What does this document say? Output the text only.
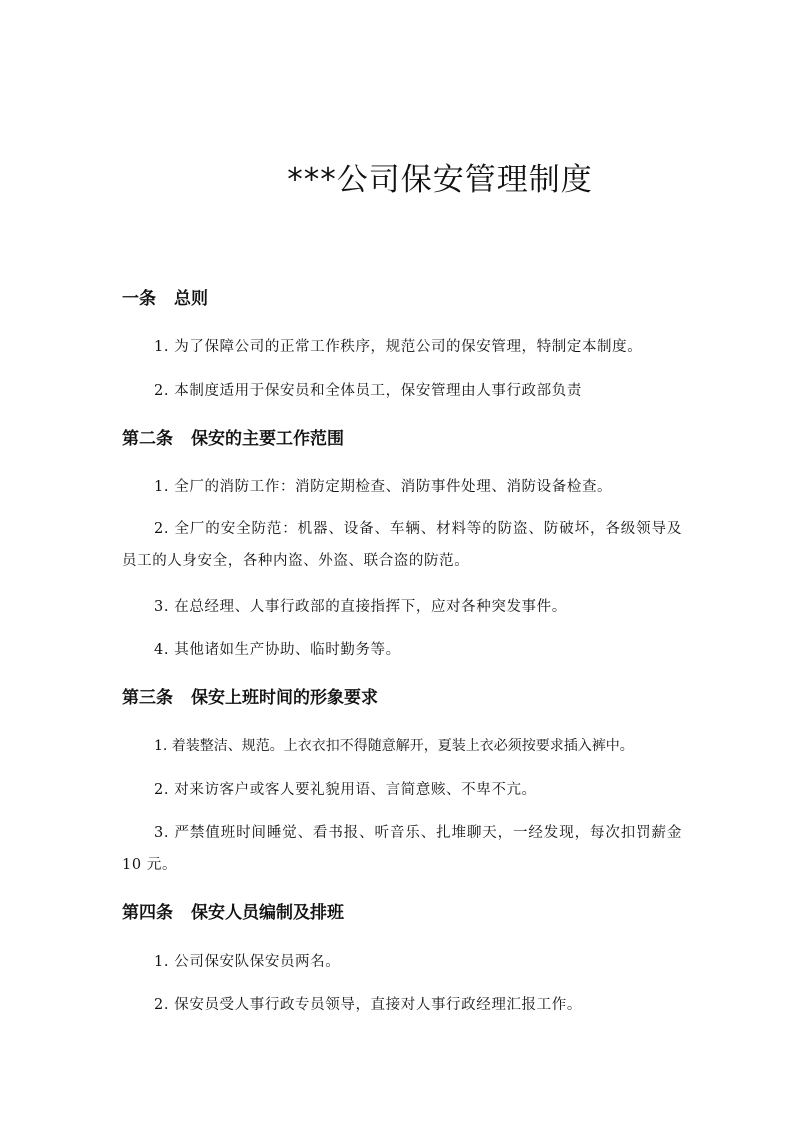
***公司保安管理制度
一条 总则
1. 为了保障公司的正常工作秩序，规范公司的保安管理，特制定本制度。
2. 本制度适用于保安员和全体员工，保安管理由人事行政部负责
第二条 保安的主要工作范围
1. 全厂的消防工作：消防定期检查、消防事件处理、消防设备检查。
2. 全厂的安全防范：机器、设备、车辆、材料等的防盗、防破坏，各级领导及员工的人身安全，各种内盗、外盗、联合盗的防范。
3. 在总经理、人事行政部的直接指挥下，应对各种突发事件。
4. 其他诸如生产协助、临时勤务等。
第三条 保安上班时间的形象要求
1. 着装整洁、规范。上衣衣扣不得随意解开，夏装上衣必须按要求插入裤中。
2. 对来访客户或客人要礼貌用语、言简意赅、不卑不亢。
3. 严禁值班时间睡觉、看书报、听音乐、扎堆聊天，一经发现，每次扣罚薪金 10 元。
第四条 保安人员编制及排班
1. 公司保安队保安员两名。
2. 保安员受人事行政专员领导，直接对人事行政经理汇报工作。
